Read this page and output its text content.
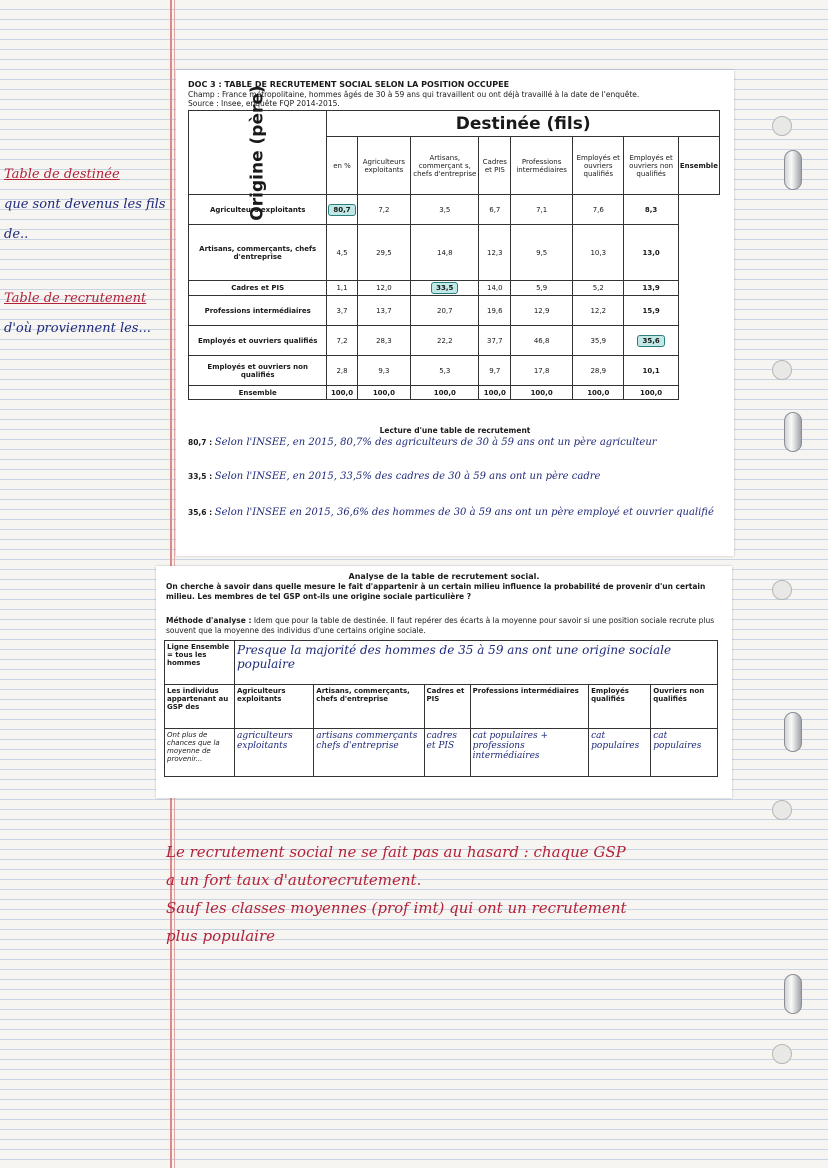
Table de destinée
que sont devenus les fils de..
Table de recrutement
d'où proviennent les...
DOC 3 : TABLE DE RECRUTEMENT SOCIAL SELON LA POSITION OCCUPEE
Champ : France métropolitaine, hommes âgés de 30 à 59 ans qui travaillent ou ont déjà travaillé à la date de l'enquête.
Source : Insee, enquête FQP 2014-2015.
Origine (père)	Destinée (fils)							
	en %	Agriculteurs exploitants	Artisans, commerçant s, chefs d'entreprise	Cadres et PIS	Professions intermédiaires	Employés et ouvriers qualifiés	Employés et ouvriers non qualifiés	Ensemble
Agriculteurs exploitants	80,7	7,2	3,5	6,7	7,1	7,6	8,3	
Artisans, commerçants, chefs d'entreprise	4,5	29,5	14,8	12,3	9,5	10,3	13,0	
Cadres et PIS	1,1	12,0	33,5	14,0	5,9	5,2	13,9	
Professions intermédiaires	3,7	13,7	20,7	19,6	12,9	12,2	15,9	
Employés et ouvriers qualifiés	7,2	28,3	22,2	37,7	46,8	35,9	35,6	
Employés et ouvriers non qualifiés	2,8	9,3	5,3	9,7	17,8	28,9	10,1	
Ensemble	100,0	100,0	100,0	100,0	100,0	100,0	100,0	
Lecture d'une table de recrutement
80,7 : Selon l'INSEE, en 2015, 80,7% des agriculteurs de 30 à 59 ans ont un père agriculteur
33,5 : Selon l'INSEE, en 2015, 33,5% des cadres de 30 à 59 ans ont un père cadre
35,6 : Selon l'INSEE en 2015, 36,6% des hommes de 30 à 59 ans ont un père employé et ouvrier qualifié
Analyse de la table de recrutement social.
On cherche à savoir dans quelle mesure le fait d'appartenir à un certain milieu influence la probabilité de provenir d'un certain milieu. Les membres de tel GSP ont-ils une origine sociale particulière ?
Méthode d'analyse : Idem que pour la table de destinée. Il faut repérer des écarts à la moyenne pour savoir si une position sociale recrute plus souvent que la moyenne des individus d'une certains origine sociale.
Ligne Ensemble = tous les hommes	Presque la majorité des hommes de 35 à 59 ans ont une origine sociale populaire					
Les individus appartenant au GSP des	Agriculteurs exploitants	Artisans, commerçants, chefs d'entreprise	Cadres et PIS	Professions intermédiaires	Employés qualifiés	Ouvriers non qualifiés
Ont plus de chances que la moyenne de provenir...	agriculteurs exploitants	artisans commerçants chefs d'entreprise	cadres et PIS	cat populaires + professions intermédiaires	cat populaires	cat populaires
Le recrutement social ne se fait pas au hasard : chaque GSP
a un fort taux d'autorecrutement.
Sauf les classes moyennes (prof imt) qui ont un recrutement
plus populaire
